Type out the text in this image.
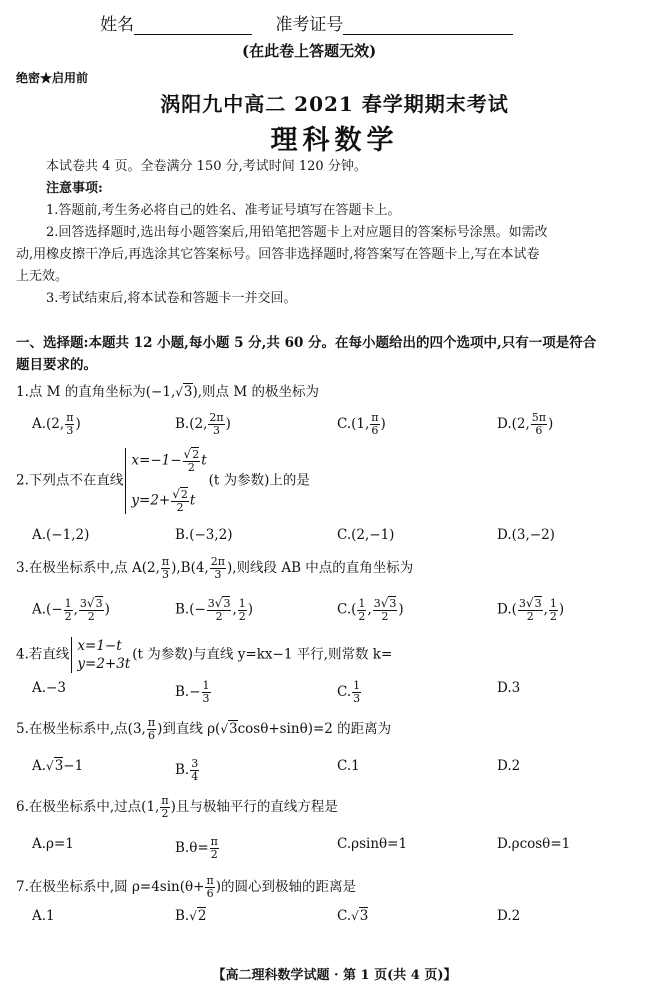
姓名	准考证号
(在此卷上答题无效)
绝密★启用前
涡阳九中高二 2021 春学期期末考试
理科数学
本试卷共 4 页。全卷满分 150 分,考试时间 120 分钟。
注意事项:
1.答题前,考生务必将自己的姓名、准考证号填写在答题卡上。
2.回答选择题时,选出每小题答案后,用铅笔把答题卡上对应题目的答案标号涂黑。如需改
动,用橡皮擦干净后,再选涂其它答案标号。回答非选择题时,将答案写在答题卡上,写在本试卷
上无效。
3.考试结束后,将本试卷和答题卡一并交回。
一、选择题:本题共 12 小题,每小题 5 分,共 60 分。在每小题给出的四个选项中,只有一项是符合
题目要求的。
1.点 M 的直角坐标为(−1,√3),则点 M 的极坐标为
A.(2, $\frac{\pi}{3}$ )	B.(2, $\frac{2\pi}{3}$ )	C.(1, $\frac{\pi}{6}$ )	D.(2, $\frac{5\pi}{6}$ )
2.下列点不在直线
$x=-1- \frac{√2}{2}$ t
$y=2+ \frac{√2}{2}$ t
(t 为参数)上的是
A.(−1,2)	B.(−3,2)	C.(2,−1)	D.(3,−2)
3.在极坐标系中,点 A(2, $\frac{\pi}{3} ),B(4$, $\frac{2\pi}{3}$ ),则线段 AB 中点的直角坐标为
$A.(- \frac{1}{2}$ , $\frac{3√3}{2}$ )	$B.(- \frac{3√3}{2}$ , $\frac{1}{2}$ )	$C.( \frac{1}{2}$ , $\frac{3√3}{2}$ )	$D.( \frac{3√3}{2}$ , $\frac{1}{2}$ )
4.若直线
x=1−t
y=2+3t
(t 为参数)与直线 y=kx−1 平行,则常数 k=
A.−3	$B.- \frac{1}{3}$	C. $\frac{1}{3}$	D.3
5.在极坐标系中,点(3, $\frac{\pi}{6}$ )到直线 ρ(√3cosθ+sinθ)=2 的距离为
A.√3−1	B. $\frac{3}{4}$	C.1	D.2
6.在极坐标系中,过点(1, $\frac{\pi}{2}$ )且与极轴平行的直线方程是
A.ρ=1	$B.\theta= \frac{\pi}{2}$	C.ρsinθ=1	D.ρcosθ=1
7.在极坐标系中,圆 $\rho=4\sin(\theta+ \frac{\pi}{6}$ )的圆心到极轴的距离是
A.1	B.√2	C.√3	D.2
【高二理科数学试题 · 第 1 页(共 4 页)】
